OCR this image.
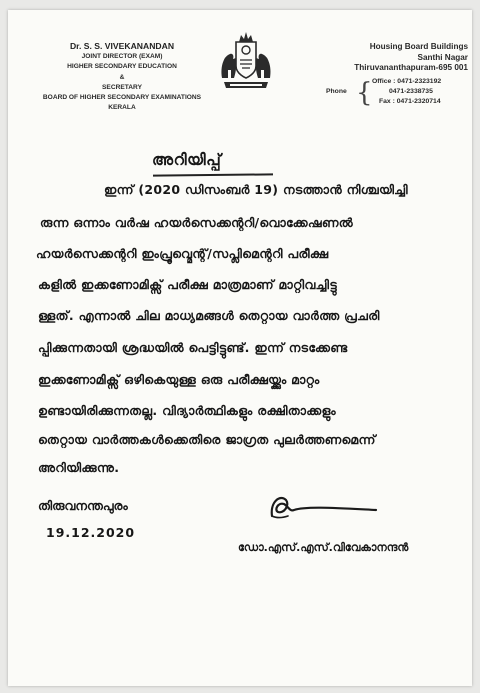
Dr. S. S. VIVEKANANDAN
JOINT DIRECTOR (EXAM)
HIGHER SECONDARY EDUCATION
&
SECRETARY
BOARD OF HIGHER SECONDARY EXAMINATIONS
KERALA
Housing Board Buildings
Santhi Nagar
Thiruvananthapuram-695 001
Phone { Office : 0471-2323192
0471-2338735
Fax : 0471-2320714
അറിയിപ്പ്
ഇന്ന് (2020 ഡിസംബർ 19) നടത്താൻ നിശ്ചയിച്ചി
രുന്ന ഒന്നാം വർഷ ഹയർസെക്കന്ററി/വൊക്കേഷണൽ
ഹയർസെക്കന്ററി ഇംപ്രൂവ്മെന്റ്/സപ്ലിമെന്ററി പരീക്ഷ
കളിൽ ഇക്കണോമിക്സ് പരീക്ഷ മാത്രമാണ് മാറ്റിവച്ചിട്ടു
ള്ളത്. എന്നാൽ ചില മാധ്യമങ്ങൾ തെറ്റായ വാർത്ത പ്രചരി
പ്പിക്കുന്നതായി ശ്രദ്ധയിൽ പെട്ടിട്ടുണ്ട്. ഇന്ന് നടക്കേണ്ട
ഇക്കണോമിക്സ് ഒഴികെയുള്ള ഒരു പരീക്ഷയ്ക്കും മാറ്റം
ഉണ്ടായിരിക്കുന്നതല്ല. വിദ്യാർത്ഥികളും രക്ഷിതാക്കളും
തെറ്റായ വാർത്തകൾക്കെതിരെ ജാഗ്രത പുലർത്തണമെന്ന്
അറിയിക്കുന്നു.
തിരുവനന്തപുരം
19.12.2020
ഡോ.എസ്.എസ്.വിവേകാനന്ദൻ
